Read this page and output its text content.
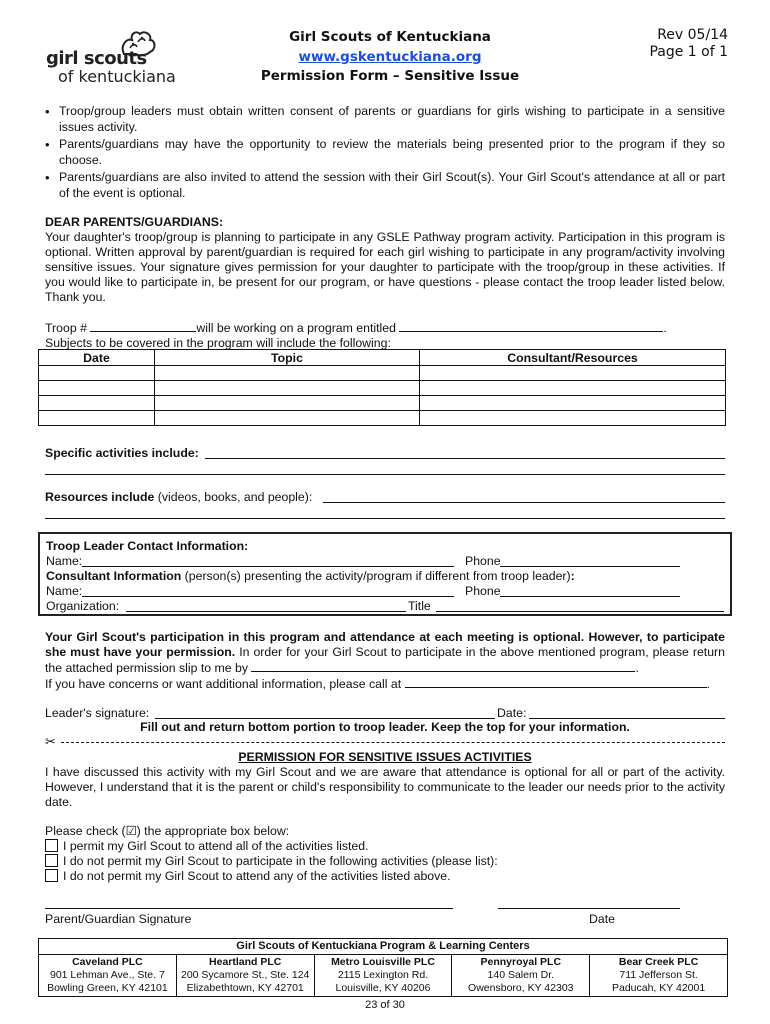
girl scouts
of kentuckiana
Girl Scouts of Kentuckiana
www.gskentuckiana.org
Permission Form – Sensitive Issue
Rev 05/14
Page 1 of 1
• Troop/group leaders must obtain written consent of parents or guardians for girls wishing to participate in a sensitive issues activity.
• Parents/guardians may have the opportunity to review the materials being presented prior to the program if they so choose.
• Parents/guardians are also invited to attend the session with their Girl Scout(s). Your Girl Scout's attendance at all or part of the event is optional.
DEAR PARENTS/GUARDIANS:
Your daughter's troop/group is planning to participate in any GSLE Pathway program activity. Participation in this program is optional. Written approval by parent/guardian is required for each girl wishing to participate in any program/activity involving sensitive issues. Your signature gives permission for your daughter to participate with the troop/group in these activities. If you would like to participate in, be present for our program, or have questions - please contact the troop leader listed below. Thank you.
Troop #	will be working on a program entitled	.
Subjects to be covered in the program will include the following:
Date	Topic	Consultant/Resources

Specific activities include:
Resources include (videos, books, and people):
Troop Leader Contact Information:
Name:	Phone
Consultant Information (person(s) presenting the activity/program if different from troop leader):
Name:	Phone
Organization:	Title
Your Girl Scout's participation in this program and attendance at each meeting is optional. However, to participate she must have your permission. In order for your Girl Scout to participate in the above mentioned program, please return the attached permission slip to me by	.
If you have concerns or want additional information, please call at	.
Leader's signature:	Date:
Fill out and return bottom portion to troop leader. Keep the top for your information.
✂
PERMISSION FOR SENSITIVE ISSUES ACTIVITIES
I have discussed this activity with my Girl Scout and we are aware that attendance is optional for all or part of the activity. However, I understand that it is the parent or child's responsibility to communicate to the leader our needs prior to the activity date.
Please check (☑) the appropriate box below:
I permit my Girl Scout to attend all of the activities listed.
I do not permit my Girl Scout to participate in the following activities (please list):
I do not permit my Girl Scout to attend any of the activities listed above.
Parent/Guardian Signature	Date
Girl Scouts of Kentuckiana Program & Learning Centers

Caveland PLC
901 Lehman Ave., Ste. 7
Bowling Green, KY 42101

Heartland PLC
200 Sycamore St., Ste. 124
Elizabethtown, KY 42701

Metro Louisville PLC
2115 Lexington Rd.
Louisville, KY 40206

Pennyroyal PLC
140 Salem Dr.
Owensboro, KY 42303

Bear Creek PLC
711 Jefferson St.
Paducah, KY 42001
23 of 30
